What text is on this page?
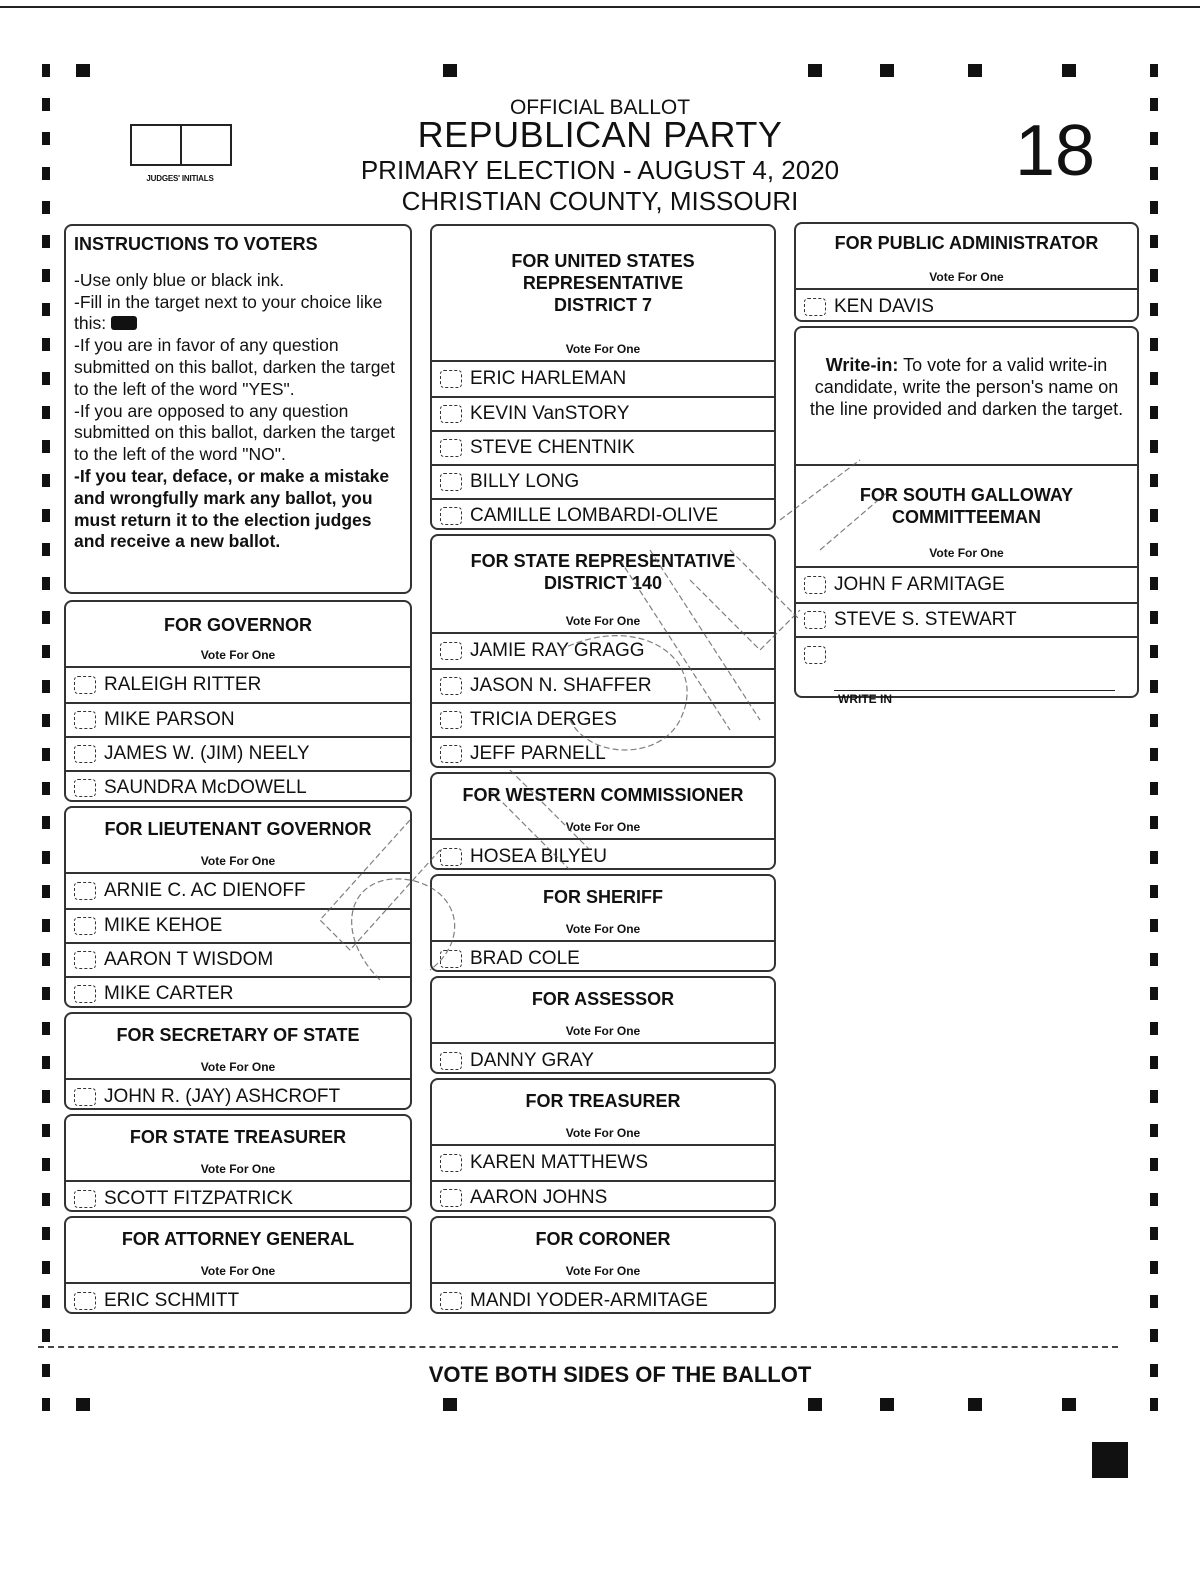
JUDGES' INITIALS
OFFICIAL BALLOT
REPUBLICAN PARTY
PRIMARY ELECTION - AUGUST 4, 2020
CHRISTIAN COUNTY, MISSOURI
18
INSTRUCTIONS TO VOTERS

-Use only blue or black ink.

-Fill in the target next to your choice like this:

-If you are in favor of any question submitted on this ballot, darken the target to the left of the word "YES".

-If you are opposed to any question submitted on this ballot, darken the target to the left of the word "NO".

-If you tear, deface, or make a mistake and wrongfully mark any ballot, you must return it to the election judges and receive a new ballot.

FOR GOVERNOR
Vote For One
RALEIGH RITTER
MIKE PARSON
JAMES W. (JIM) NEELY
SAUNDRA McDOWELL
FOR LIEUTENANT GOVERNOR
Vote For One
ARNIE C. AC DIENOFF
MIKE KEHOE
AARON T WISDOM
MIKE CARTER
FOR SECRETARY OF STATE
Vote For One
JOHN R. (JAY) ASHCROFT
FOR STATE TREASURER
Vote For One
SCOTT FITZPATRICK
FOR ATTORNEY GENERAL
Vote For One
ERIC SCHMITT
FOR UNITED STATES
REPRESENTATIVE
DISTRICT 7
Vote For One
ERIC HARLEMAN
KEVIN VanSTORY
STEVE CHENTNIK
BILLY LONG
CAMILLE LOMBARDI-OLIVE
FOR STATE REPRESENTATIVE
DISTRICT 140
Vote For One
JAMIE RAY GRAGG
JASON N. SHAFFER
TRICIA DERGES
JEFF PARNELL
FOR WESTERN COMMISSIONER
Vote For One
HOSEA BILYEU
FOR SHERIFF
Vote For One
BRAD COLE
FOR ASSESSOR
Vote For One
DANNY GRAY
FOR TREASURER
Vote For One
KAREN MATTHEWS
AARON JOHNS
FOR CORONER
Vote For One
MANDI YODER-ARMITAGE
FOR PUBLIC ADMINISTRATOR
Vote For One
KEN DAVIS
Write-in: To vote for a valid write-in candidate, write the person's name on the line provided and darken the target.
FOR SOUTH GALLOWAY
COMMITTEEMAN
Vote For One
JOHN F ARMITAGE
STEVE S. STEWART
WRITE IN
VOTE BOTH SIDES OF THE BALLOT
